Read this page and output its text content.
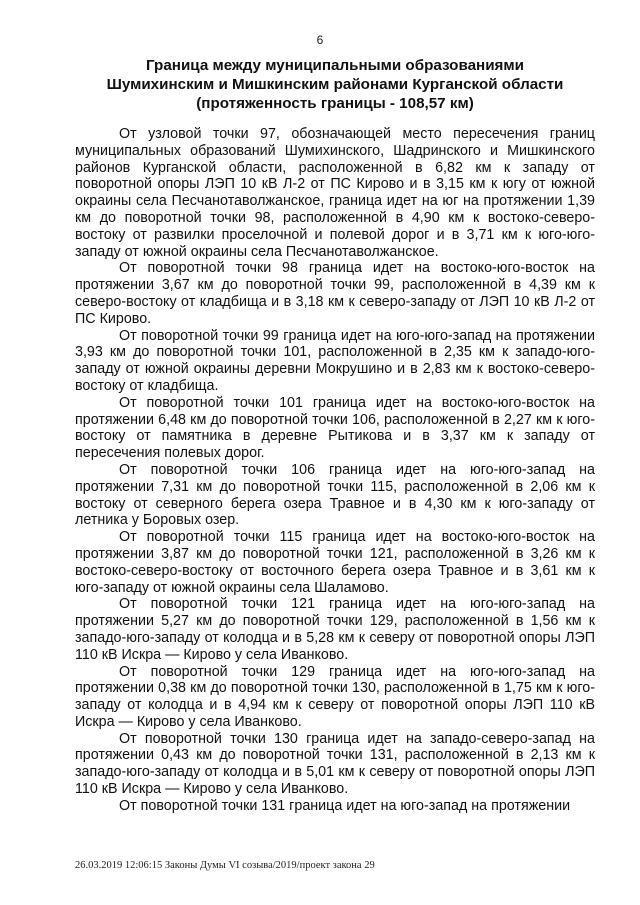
6
Граница между муниципальными образованиями
Шумихинским и Мишкинским районами Курганской области
(протяженность границы - 108,57 км)

От узловой точки 97, обозначающей место пересечения границ муниципальных образований Шумихинского, Шадринского и Мишкинского районов Курганской области, расположенной в 6,82 км к западу от поворотной опоры ЛЭП 10 кВ Л-2 от ПС Кирово и в 3,15 км к югу от южной окраины села Песчанотаволжанское, граница идет на юг на протяжении 1,39 км до поворотной точки 98, расположенной в 4,90 км к востоко-северо-востоку от развилки проселочной и полевой дорог и в 3,71 км к юго-юго-западу от южной окраины села Песчанотаволжанское.

От поворотной точки 98 граница идет на востоко-юго-восток на протяжении 3,67 км до поворотной точки 99, расположенной в 4,39 км к северо-востоку от кладбища и в 3,18 км к северо-западу от ЛЭП 10 кВ Л-2 от ПС Кирово.

От поворотной точки 99 граница идет на юго-юго-запад на протяжении 3,93 км до поворотной точки 101, расположенной в 2,35 км к западо-юго-западу от южной окраины деревни Мокрушино и в 2,83 км к востоко-северо-востоку от кладбища.

От поворотной точки 101 граница идет на востоко-юго-восток на протяжении 6,48 км до поворотной точки 106, расположенной в 2,27 км к юго-востоку от памятника в деревне Рытикова и в 3,37 км к западу от пересечения полевых дорог.

От поворотной точки 106 граница идет на юго-юго-запад на протяжении 7,31 км до поворотной точки 115, расположенной в 2,06 км к востоку от северного берега озера Травное и в 4,30 км к юго-западу от летника у Боровых озер.

От поворотной точки 115 граница идет на востоко-юго-восток на протяжении 3,87 км до поворотной точки 121, расположенной в 3,26 км к востоко-северо-востоку от восточного берега озера Травное и в 3,61 км к юго-западу от южной окраины села Шаламово.

От поворотной точки 121 граница идет на юго-юго-запад на протяжении 5,27 км до поворотной точки 129, расположенной в 1,56 км к западо-юго-западу от колодца и в 5,28 км к северу от поворотной опоры ЛЭП 110 кВ Искра — Кирово у села Иванково.

От поворотной точки 129 граница идет на юго-юго-запад на протяжении 0,38 км до поворотной точки 130, расположенной в 1,75 км к юго-западу от колодца и в 4,94 км к северу от поворотной опоры ЛЭП 110 кВ Искра — Кирово у села Иванково.

От поворотной точки 130 граница идет на западо-северо-запад на протяжении 0,43 км до поворотной точки 131, расположенной в 2,13 км к западо-юго-западу от колодца и в 5,01 км к северу от поворотной опоры ЛЭП 110 кВ Искра — Кирово у села Иванково.

От поворотной точки 131 граница идет на юго-запад на протяжении

26.03.2019 12:06:15 Законы Думы VI созыва/2019/проект закона 29
